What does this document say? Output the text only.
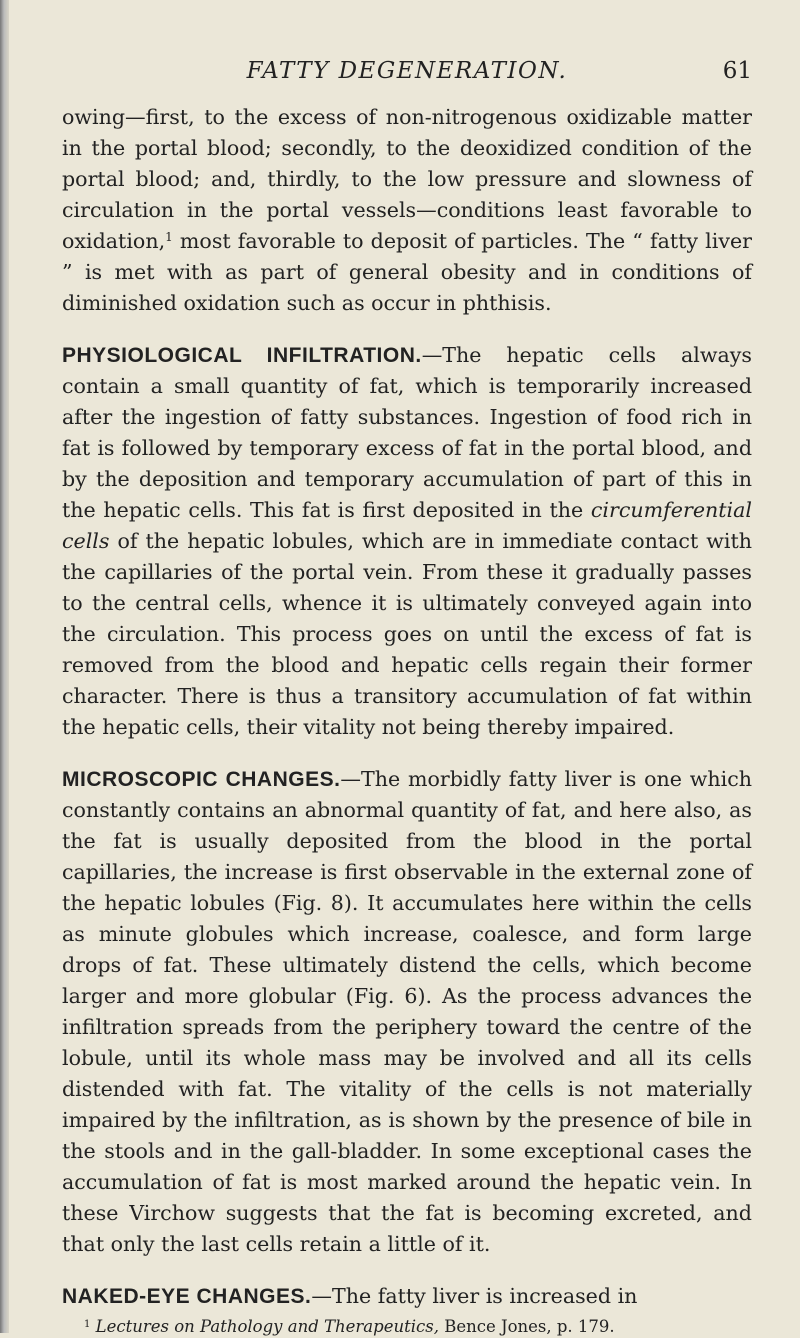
FATTY DEGENERATION.	61

owing—first, to the excess of non-nitrogenous oxidizable matter in the portal blood; secondly, to the deoxidized condition of the portal blood; and, thirdly, to the low pressure and slowness of circulation in the portal vessels—conditions least favorable to oxidation,$^1$ most favorable to deposit of particles. The “ fatty liver ” is met with as part of general obesity and in conditions of diminished oxidation such as occur in phthisis.

PHYSIOLOGICAL INFILTRATION.—The hepatic cells always contain a small quantity of fat, which is temporarily increased after the ingestion of fatty substances. Ingestion of food rich in fat is followed by temporary excess of fat in the portal blood, and by the deposition and temporary accumulation of part of this in the hepatic cells. This fat is first deposited in the circumferential cells of the hepatic lobules, which are in immediate contact with the capillaries of the portal vein. From these it gradually passes to the central cells, whence it is ultimately conveyed again into the circulation. This process goes on until the excess of fat is removed from the blood and hepatic cells regain their former character. There is thus a transitory accumulation of fat within the hepatic cells, their vitality not being thereby impaired.

MICROSCOPIC CHANGES.—The morbidly fatty liver is one which constantly contains an abnormal quantity of fat, and here also, as the fat is usually deposited from the blood in the portal capillaries, the increase is first observable in the external zone of the hepatic lobules (Fig. 8). It accumulates here within the cells as minute globules which increase, coalesce, and form large drops of fat. These ultimately distend the cells, which become larger and more globular (Fig. 6). As the process advances the infiltration spreads from the periphery toward the centre of the lobule, until its whole mass may be involved and all its cells distended with fat. The vitality of the cells is not materially impaired by the infiltration, as is shown by the presence of bile in the stools and in the gall-bladder. In some exceptional cases the accumulation of fat is most marked around the hepatic vein. In these Virchow suggests that the fat is becoming excreted, and that only the last cells retain a little of it.

NAKED-EYE CHANGES.—The fatty liver is increased in

$^1$ Lectures on Pathology and Therapeutics, Bence Jones, p. 179.
